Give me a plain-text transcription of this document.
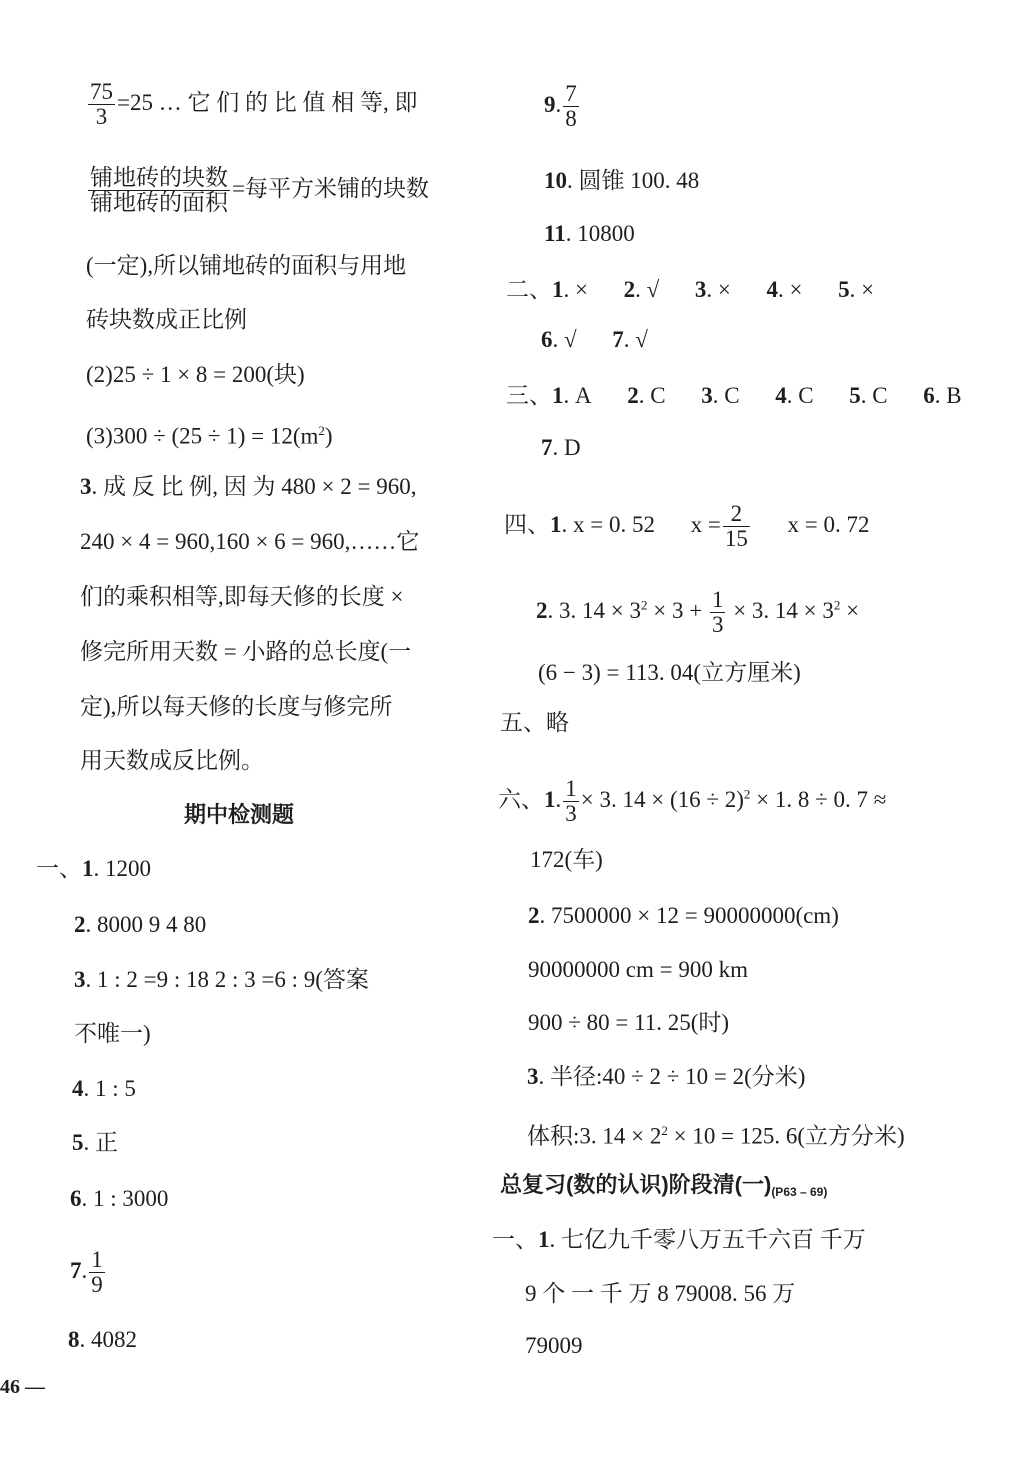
$\frac{75}{3} =25$ … 它 们 的 比 值 相 等, 即
$\frac{\text{铺地砖的块数}}{\text{铺地砖的面积}}$ =每平方米铺的块数
(一定),所以铺地砖的面积与用地
砖块数成正比例
(2)25 ÷ 1 × 8 = 200(块)
$(3)300 \div (25 \div 1) = 12(m^2)$
3. 成 反 比 例, 因 为 480 × 2 = 960,
240 × 4 = 960,160 × 6 = 960,……它
们的乘积相等,即每天修的长度 ×
修完所用天数 = 小路的总长度(一
定),所以每天修的长度与修完所
用天数成反比例。
期中检测题
一、1. 1200
2. 8000 9 4 80
3. 1 : 2 =9 : 18 2 : 3 =6 : 9(答案
不唯一)
4. 1 : 5
5. 正
6. 1 : 3000
7. $\frac{1}{9}$
8. 4082
46 —
9. $\frac{7}{8}$
10. 圆锥 100. 48
11. 10800
二、1. × 2. √ 3. × 4. × 5. ×
6. √ 7. √
三、1. A 2. C 3. C 4. C 5. C 6. B
7. D
四、1. x = 0. 52 $x = \frac{2}{15}$ x = 0. 72
2. 3. $14 \times 3^2 \times 3 + \frac{1}{3} \times 3$. $14 \times 3^2$ ×
(6 − 3) = 113. 04(立方厘米)
五、略
六、1. $\frac{1}{3} \times 3$. $14 \times (16 \div 2)^2 \times 1$. 8 ÷ 0. 7 ≈
172(车)
2. 7500000 × 12 = 90000000(cm)
90000000 cm = 900 km
900 ÷ 80 = 11. 25(时)
3. 半径:40 ÷ 2 ÷ 10 = 2(分米)
体积:3. $14 \times 2^2 \times 10 = 125$. 6(立方分米)
总复习(数的认识)阶段清(一)(P63 – 69)
一、1. 七亿九千零八万五千六百 千万
9 个 一 千 万 8 79008. 56 万
79009
